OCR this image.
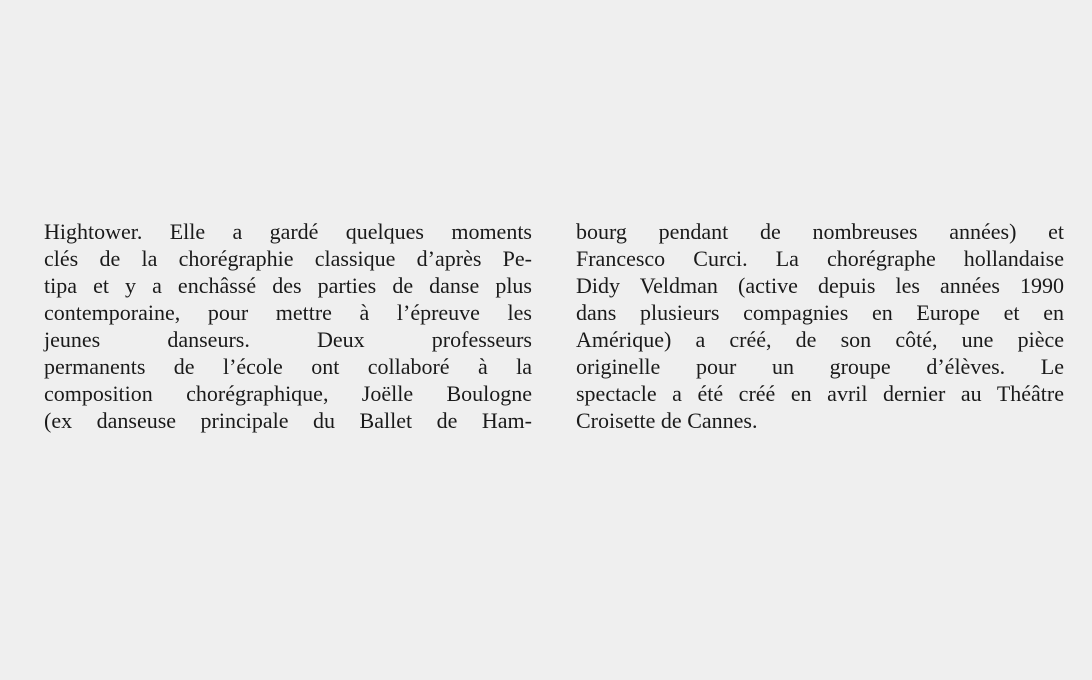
Hightower. Elle a gardé quelques moments
clés de la chorégraphie classique d’après Pe-
tipa et y a enchâssé des parties de danse plus
contemporaine, pour mettre à l’épreuve les
jeunes danseurs. Deux professeurs
permanents de l’école ont collaboré à la
composition chorégraphique, Joëlle Boulogne
(ex danseuse principale du Ballet de Ham-
bourg pendant de nombreuses années) et
Francesco Curci. La chorégraphe hollandaise
Didy Veldman (active depuis les années 1990
dans plusieurs compagnies en Europe et en
Amérique) a créé, de son côté, une pièce
originelle pour un groupe d’élèves. Le
spectacle a été créé en avril dernier au Théâtre
Croisette de Cannes.
